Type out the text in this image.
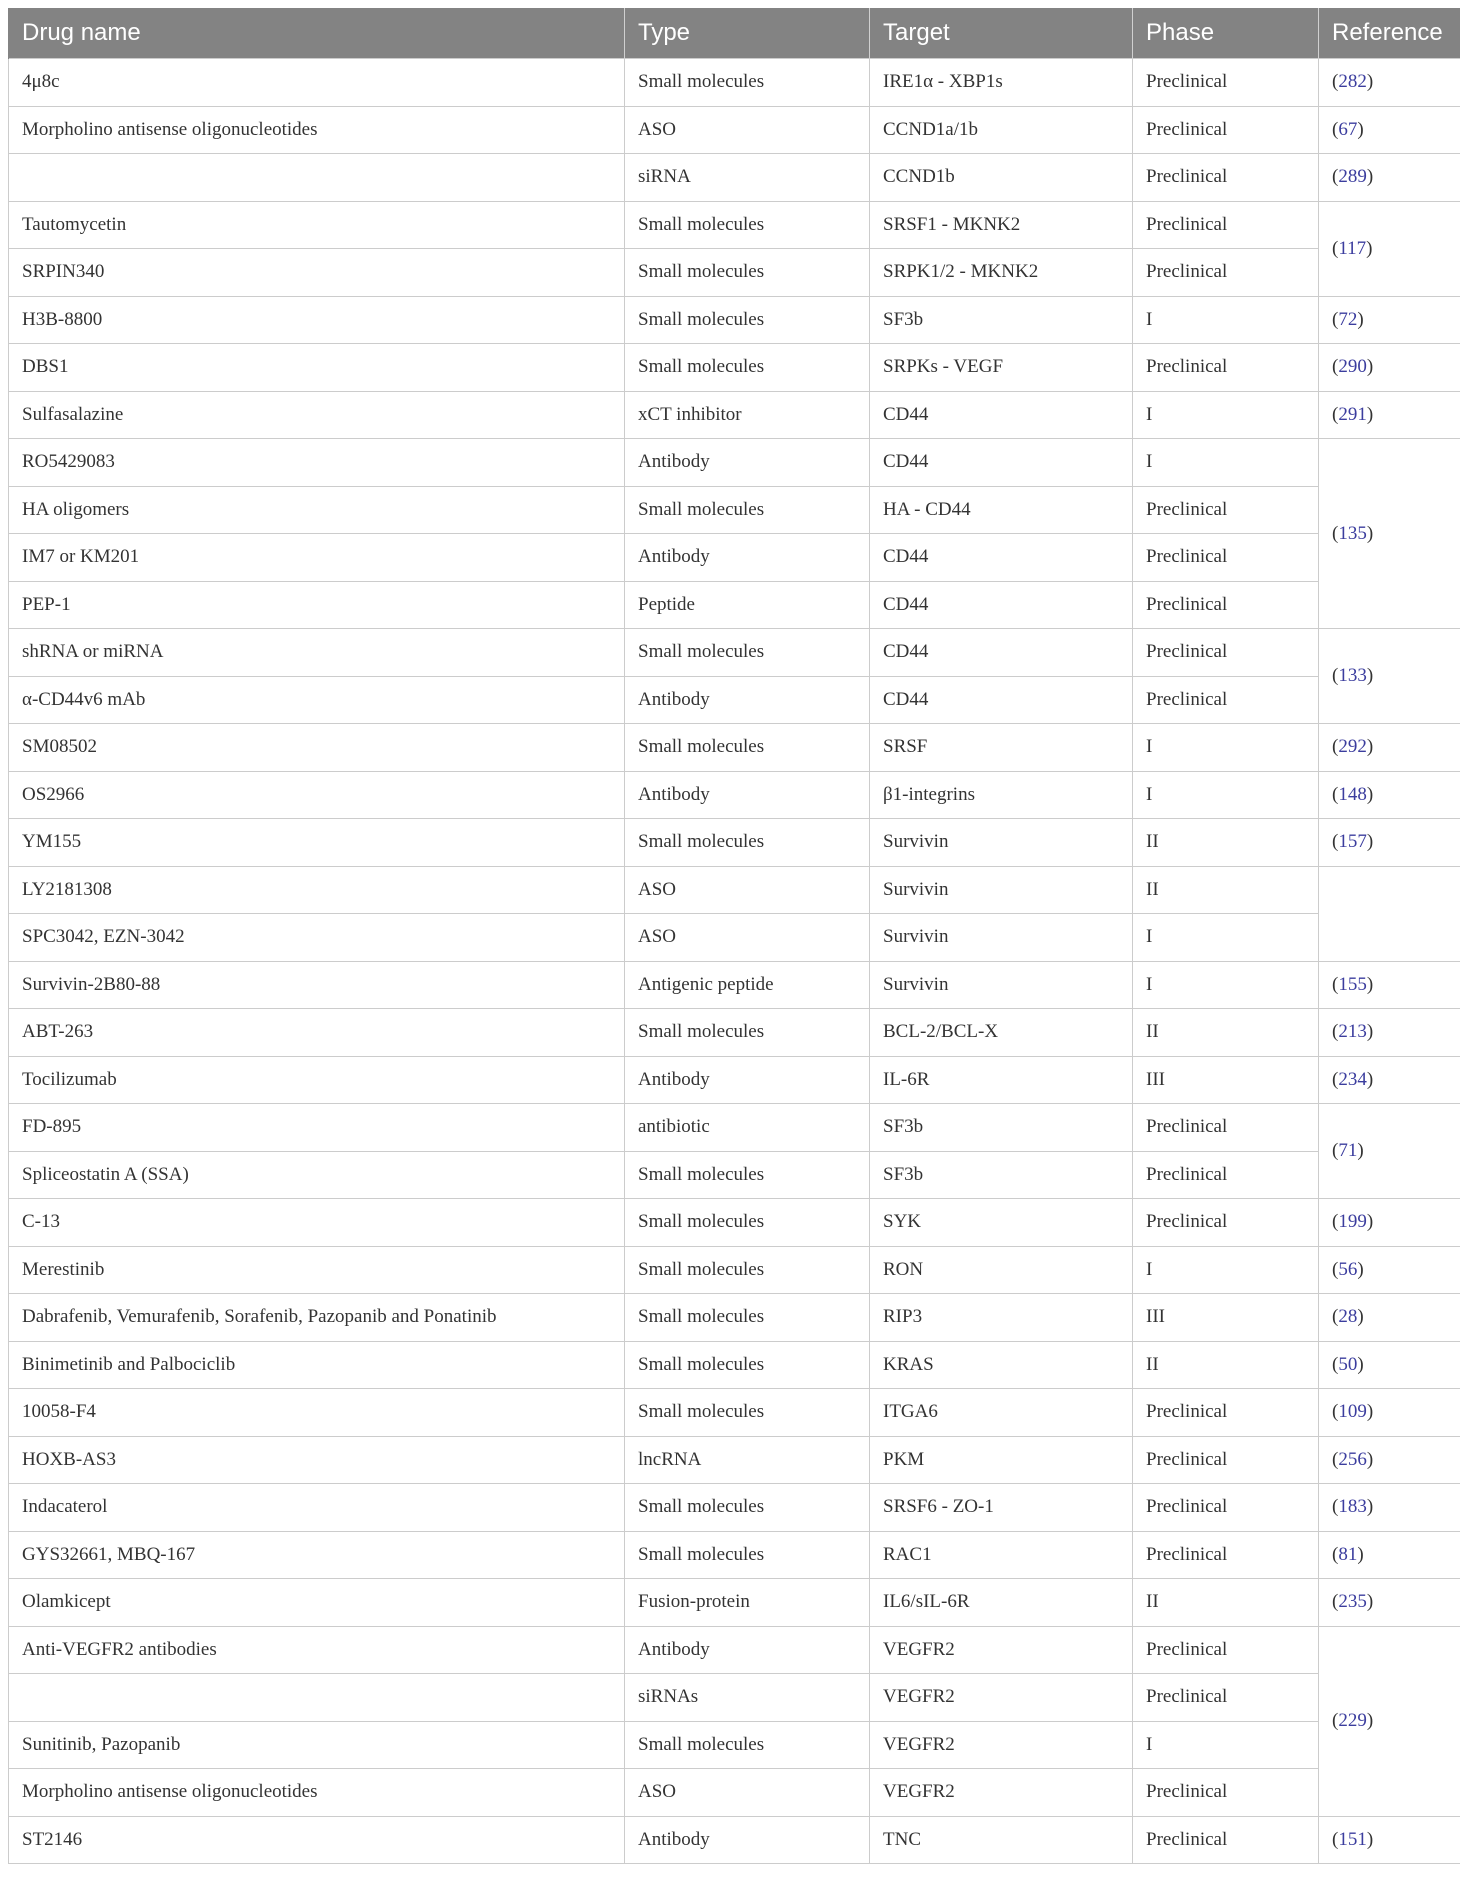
Drug name	Type	Target	Phase	Reference
4μ8c	Small molecules	IRE1α - XBP1s	Preclinical	(282)
Morpholino antisense oligonucleotides	ASO	CCND1a/1b	Preclinical	(67)
	siRNA	CCND1b	Preclinical	(289)
Tautomycetin	Small molecules	SRSF1 - MKNK2	Preclinical	(117)
SRPIN340	Small molecules	SRPK1/2 - MKNK2	Preclinical	
H3B-8800	Small molecules	SF3b	I	(72)
DBS1	Small molecules	SRPKs - VEGF	Preclinical	(290)
Sulfasalazine	xCT inhibitor	CD44	I	(291)
RO5429083	Antibody	CD44	I	(135)
HA oligomers	Small molecules	HA - CD44	Preclinical	
IM7 or KM201	Antibody	CD44	Preclinical	
PEP-1	Peptide	CD44	Preclinical	
shRNA or miRNA	Small molecules	CD44	Preclinical	(133)
α-CD44v6 mAb	Antibody	CD44	Preclinical	
SM08502	Small molecules	SRSF	I	(292)
OS2966	Antibody	β1-integrins	I	(148)
YM155	Small molecules	Survivin	II	(157)
LY2181308	ASO	Survivin	II	
SPC3042, EZN-3042	ASO	Survivin	I	
Survivin-2B80-88	Antigenic peptide	Survivin	I	(155)
ABT-263	Small molecules	BCL-2/BCL-X	II	(213)
Tocilizumab	Antibody	IL-6R	III	(234)
FD-895	antibiotic	SF3b	Preclinical	(71)
Spliceostatin A (SSA)	Small molecules	SF3b	Preclinical	
C-13	Small molecules	SYK	Preclinical	(199)
Merestinib	Small molecules	RON	I	(56)
Dabrafenib, Vemurafenib, Sorafenib, Pazopanib and Ponatinib	Small molecules	RIP3	III	(28)
Binimetinib and Palbociclib	Small molecules	KRAS	II	(50)
10058-F4	Small molecules	ITGA6	Preclinical	(109)
HOXB-AS3	lncRNA	PKM	Preclinical	(256)
Indacaterol	Small molecules	SRSF6 - ZO-1	Preclinical	(183)
GYS32661, MBQ-167	Small molecules	RAC1	Preclinical	(81)
Olamkicept	Fusion-protein	IL6/sIL-6R	II	(235)
Anti-VEGFR2 antibodies	Antibody	VEGFR2	Preclinical	(229)
	siRNAs	VEGFR2	Preclinical	
Sunitinib, Pazopanib	Small molecules	VEGFR2	I	
Morpholino antisense oligonucleotides	ASO	VEGFR2	Preclinical	
ST2146	Antibody	TNC	Preclinical	(151)
